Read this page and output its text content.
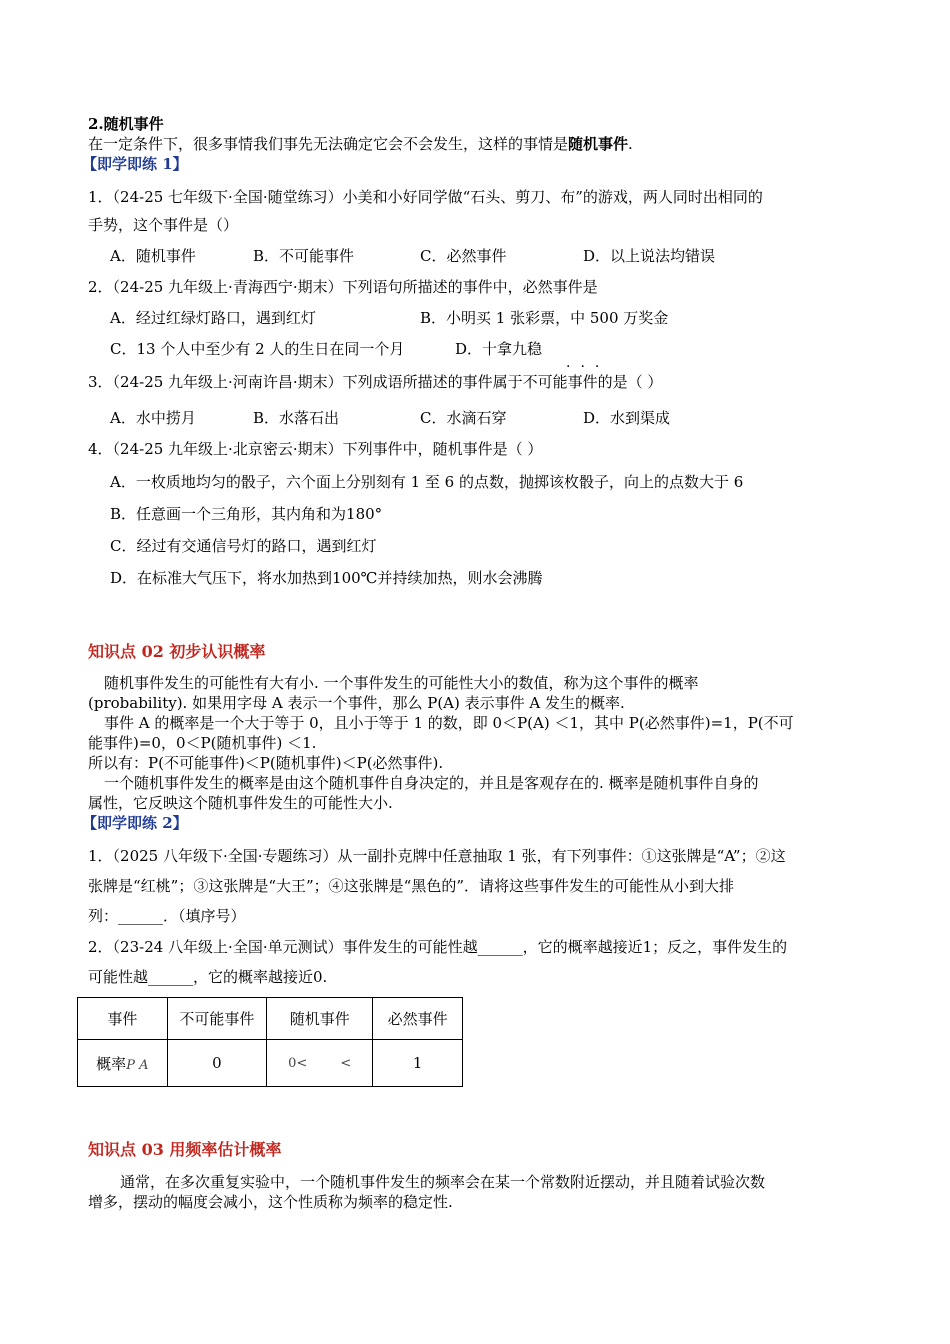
2.随机事件
在一定条件下，很多事情我们事先无法确定它会不会发生，这样的事情是随机事件.
【即学即练 1】
1．（24-25 七年级下·全国·随堂练习）小美和小好同学做“石头、剪刀、布”的游戏，两人同时出相同的
手势，这个事件是（）
A．随机事件	B．不可能事件	C．必然事件	D．以上说法均错误
2．（24-25 九年级上·青海西宁·期末）下列语句所描述的事件中，必然事件是
A．经过红绿灯路口，遇到红灯	B．小明买 1 张彩票，中 500 万奖金
C．13 个人中至少有 2 人的生日在同一个月	D．十拿九稳
···
3．（24-25 九年级上·河南许昌·期末）下列成语所描述的事件属于不可能事件的是（ ）
A．水中捞月	B．水落石出	C．水滴石穿	D．水到渠成
4．（24-25 九年级上·北京密云·期末）下列事件中，随机事件是（ ）
A．一枚质地均匀的骰子，六个面上分别刻有 1 至 6 的点数，抛掷该枚骰子，向上的点数大于 6
B．任意画一个三角形，其内角和为180°
C．经过有交通信号灯的路口，遇到红灯
D．在标准大气压下，将水加热到100℃并持续加热，则水会沸腾
知识点 02 初步认识概率
随机事件发生的可能性有大有小. 一个事件发生的可能性大小的数值，称为这个事件的概率
(probability). 如果用字母 A 表示一个事件，那么 P(A) 表示事件 A 发生的概率.
事件 A 的概率是一个大于等于 0，且小于等于 1 的数，即 0＜P(A) ＜1，其中 P(必然事件)=1，P(不可
能事件)=0，0＜P(随机事件) ＜1.
所以有：P(不可能事件)＜P(随机事件)＜P(必然事件).
一个随机事件发生的概率是由这个随机事件自身决定的，并且是客观存在的. 概率是随机事件自身的
属性，它反映这个随机事件发生的可能性大小.
【即学即练 2】
1．（2025 八年级下·全国·专题练习）从一副扑克牌中任意抽取 1 张，有下列事件：①这张牌是“A”；②这
张牌是“红桃”；③这张牌是“大王”；④这张牌是“黑色的”．请将这些事件发生的可能性从小到大排
列：______．（填序号）
2．（23-24 八年级上·全国·单元测试）事件发生的可能性越______，它的概率越接近1；反之，事件发生的
可能性越______，它的概率越接近0.
事件	不可能事件	随机事件	必然事件
概率P A	0	0<        <	1
知识点 03 用频率估计概率
通常，在多次重复实验中，一个随机事件发生的频率会在某一个常数附近摆动，并且随着试验次数
增多，摆动的幅度会减小，这个性质称为频率的稳定性.
